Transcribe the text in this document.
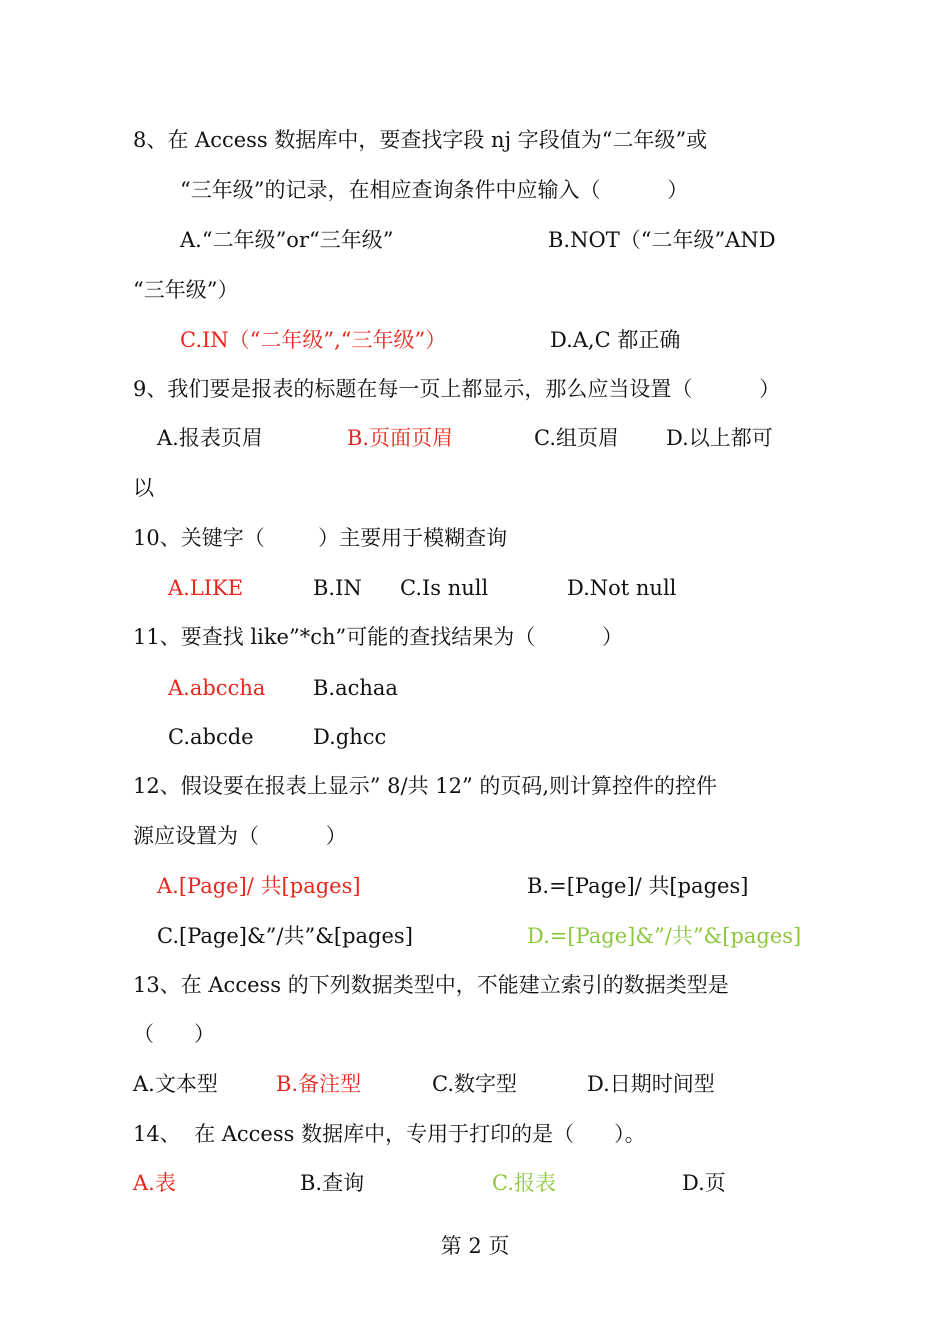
8、在 Access 数据库中，要查找字段 nj 字段值为“二年级”或
“三年级”的记录，在相应查询条件中应输入（          ）
A.“二年级”or“三年级”	B.NOT（“二年级”AND
“三年级”）
C.IN（“二年级”,“三年级”）	D.A,C 都正确
9、我们要是报表的标题在每一页上都显示，那么应当设置（          ）
A.报表页眉	B.页面页眉	C.组页眉 D.以上都可
以
10、关键字（        ）主要用于模糊查询
A.LIKE	B.IN C.Is null	D.Not null
11、要查找 like”*ch”可能的查找结果为（          ）
A.abccha B.achaa
C.abcde	D.ghcc
12、假设要在报表上显示” 8/共 12” 的页码,则计算控件的控件
源应设置为（          ）
A.[Page]/ 共[pages]	B.=[Page]/ 共[pages]
C.[Page]&”/共”&[pages]	D.=[Page]&”/共”&[pages]
13、在 Access 的下列数据类型中，不能建立索引的数据类型是
（      ）
A.文本型	B.备注型	C.数字型	D.日期时间型
14、  在 Access 数据库中，专用于打印的是（      ）。
A.表	B.查询	C.报表	D.页
第 2 页
